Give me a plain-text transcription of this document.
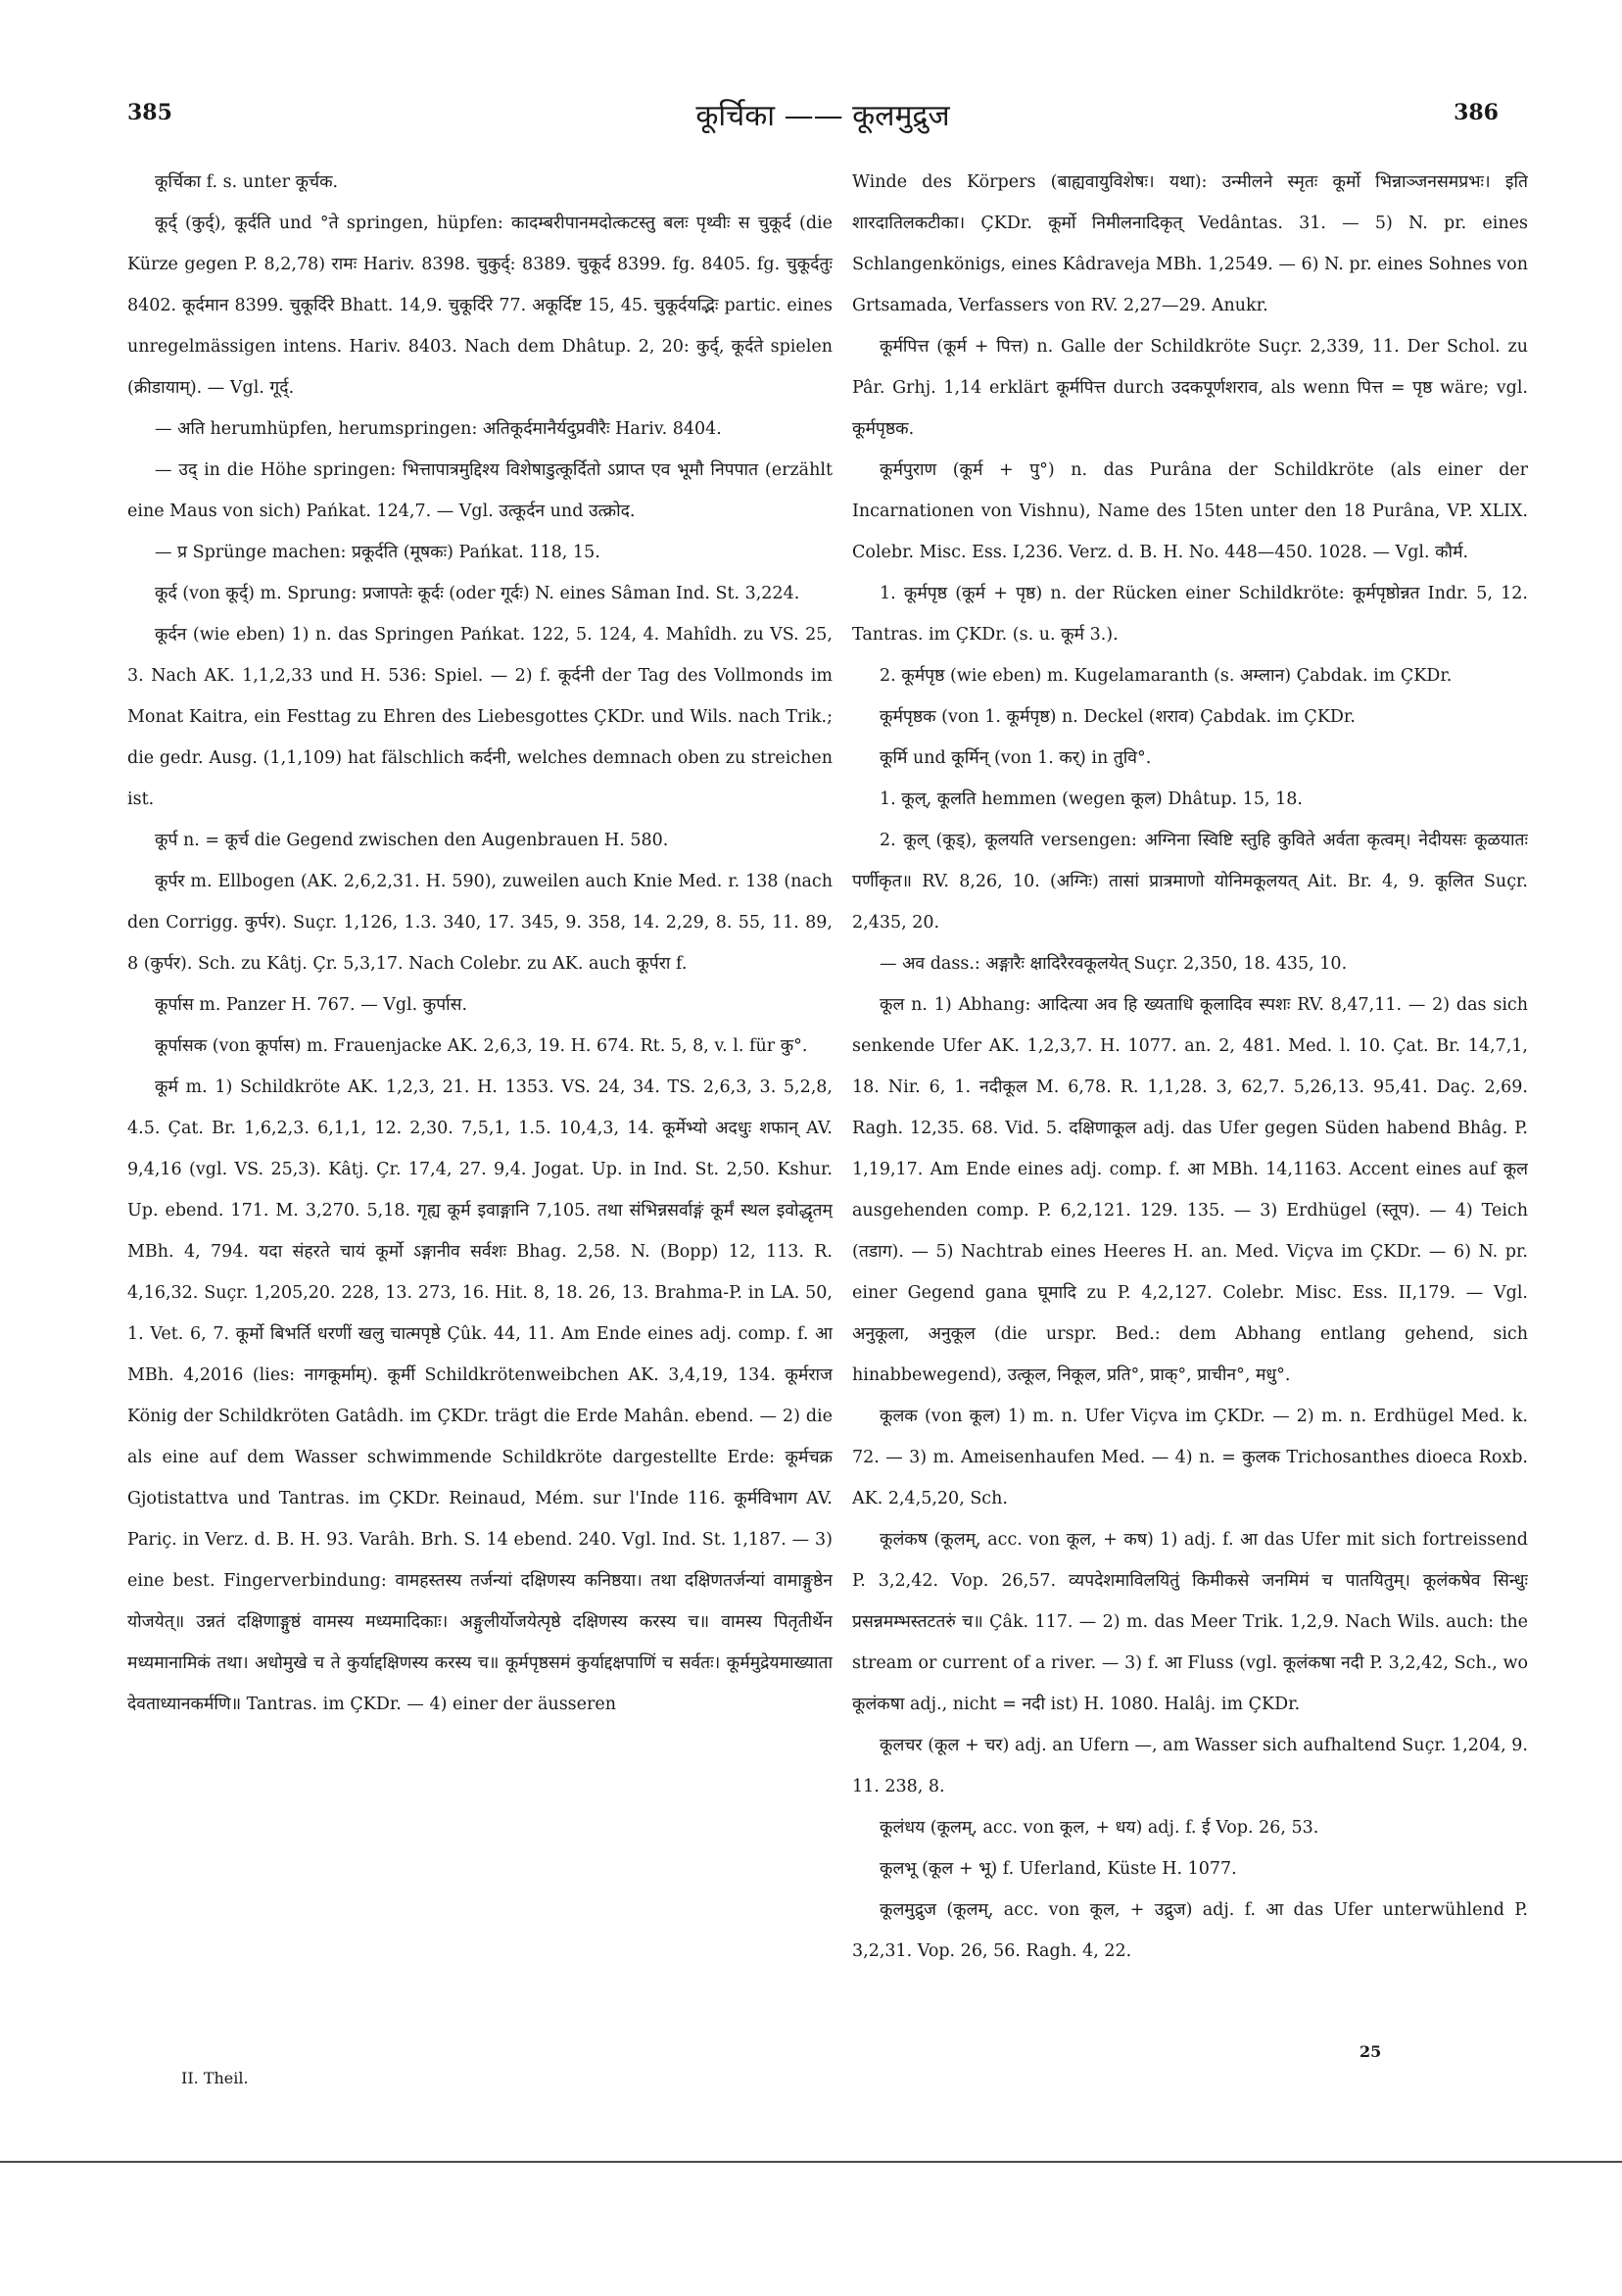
385	कूर्चिका —— कूलमुद्रुज	386

कूर्चिका f. s. unter कूर्चक.

कूर्द् (कुर्द्), कूर्दति und °ते springen, hüpfen: कादम्बरीपानमदोत्कटस्तु बलः पृथ्वीः स चुकूर्द (die Kürze gegen P. 8,2,78) रामः Hariv. 8398. चुकुर्द्: 8389. चुकूर्द 8399. fg. 8405. fg. चुकूर्दतुः 8402. कूर्दमान 8399. चुकूर्दिरे Bhatt. 14,9. चुकूर्दिरे 77. अकूर्दिष्ट 15, 45. चुकूर्दयद्भिः partic. eines unregelmässigen intens. Hariv. 8403. Nach dem Dhâtup. 2, 20: कुर्द्, कूर्दते spielen (क्रीडायाम्). — Vgl. गूर्द्.

— अति herumhüpfen, herumspringen: अतिकूर्दमानैर्यदुप्रवीरैः Hariv. 8404.

— उद् in die Höhe springen: भित्तापात्रमुद्दिश्य विशेषाडुत्कूर्दितो ऽप्राप्त एव भूमौ निपपात (erzählt eine Maus von sich) Pańkat. 124,7. — Vgl. उत्कूर्दन und उत्क्रोद.

— प्र Sprünge machen: प्रकूर्दति (मूषकः) Pańkat. 118, 15.

कूर्द (von कूर्द्) m. Sprung: प्रजापतेः कूर्दः (oder गूर्दः) N. eines Sâman Ind. St. 3,224.

कूर्दन (wie eben) 1) n. das Springen Pańkat. 122, 5. 124, 4. Mahîdh. zu VS. 25, 3. Nach AK. 1,1,2,33 und H. 536: Spiel. — 2) f. कूर्दनी der Tag des Vollmonds im Monat Kaitra, ein Festtag zu Ehren des Liebesgottes ÇKDr. und Wils. nach Trik.; die gedr. Ausg. (1,1,109) hat fälschlich कर्दनी, welches demnach oben zu streichen ist.

कूर्प n. = कूर्च die Gegend zwischen den Augenbrauen H. 580.

कूर्पर m. Ellbogen (AK. 2,6,2,31. H. 590), zuweilen auch Knie Med. r. 138 (nach den Corrigg. कुर्पर). Suçr. 1,126, 1.3. 340, 17. 345, 9. 358, 14. 2,29, 8. 55, 11. 89, 8 (कुर्पर). Sch. zu Kâtj. Çr. 5,3,17. Nach Colebr. zu AK. auch कूर्परा f.

कूर्पास m. Panzer H. 767. — Vgl. कुर्पास.

कूर्पासक (von कूर्पास) m. Frauenjacke AK. 2,6,3, 19. H. 674. Rt. 5, 8, v. l. für कु°.

कूर्म m. 1) Schildkröte AK. 1,2,3, 21. H. 1353. VS. 24, 34. TS. 2,6,3, 3. 5,2,8, 4.5. Çat. Br. 1,6,2,3. 6,1,1, 12. 2,30. 7,5,1, 1.5. 10,4,3, 14. कूर्मेभ्यो अदधुः शफान् AV. 9,4,16 (vgl. VS. 25,3). Kâtj. Çr. 17,4, 27. 9,4. Jogat. Up. in Ind. St. 2,50. Kshur. Up. ebend. 171. M. 3,270. 5,18. गृह्य कूर्म इवाङ्गानि 7,105. तथा संभिन्नसर्वाङ्गं कूर्मं स्थल इवोद्धृतम् MBh. 4, 794. यदा संहरते चायं कूर्मो ऽङ्गानीव सर्वशः Bhag. 2,58. N. (Bopp) 12, 113. R. 4,16,32. Suçr. 1,205,20. 228, 13. 273, 16. Hit. 8, 18. 26, 13. Brahma-P. in LA. 50, 1. Vet. 6, 7. कूर्मो बिभर्ति धरणीं खलु चात्मपृष्ठे Çûk. 44, 11. Am Ende eines adj. comp. f. आ MBh. 4,2016 (lies: नागकूर्माम्). कूर्मी Schildkrötenweibchen AK. 3,4,19, 134. कूर्मराज König der Schildkröten Gatâdh. im ÇKDr. trägt die Erde Mahân. ebend. — 2) die als eine auf dem Wasser schwimmende Schildkröte dargestellte Erde: कूर्मचक्र Gjotistattva und Tantras. im ÇKDr. Reinaud, Mém. sur l'Inde 116. कूर्मविभाग AV. Pariç. in Verz. d. B. H. 93. Varâh. Brh. S. 14 ebend. 240. Vgl. Ind. St. 1,187. — 3) eine best. Fingerverbindung: वामहस्तस्य तर्जन्यां दक्षिणस्य कनिष्ठया। तथा दक्षिणतर्जन्यां वामाङ्गुष्ठेन योजयेत्॥ उन्नतं दक्षिणाङ्गुष्ठं वामस्य मध्यमादिकाः। अङ्गुलीर्योजयेत्पृष्ठे दक्षिणस्य करस्य च॥ वामस्य पितृतीर्थेन मध्यमानामिकं तथा। अधोमुखे च ते कुर्याद्दक्षिणस्य करस्य च॥ कूर्मपृष्ठसमं कुर्याद्दक्षपाणिं च सर्वतः। कूर्ममुद्रेयमाख्याता देवताध्यानकर्मणि॥ Tantras. im ÇKDr. — 4) einer der äusseren

Winde des Körpers (बाह्यवायुविशेषः। यथा): उन्मीलने स्मृतः कूर्मो भिन्नाञ्जनसमप्रभः। इति शारदातिलकटीका। ÇKDr. कूर्मो निमीलनादिकृत् Vedântas. 31. — 5) N. pr. eines Schlangenkönigs, eines Kâdraveja MBh. 1,2549. — 6) N. pr. eines Sohnes von Grtsamada, Verfassers von RV. 2,27—29. Anukr.

कूर्मपित्त (कूर्म + पित्त) n. Galle der Schildkröte Suçr. 2,339, 11. Der Schol. zu Pâr. Grhj. 1,14 erklärt कूर्मपित्त durch उदकपूर्णशराव, als wenn पित्त = पृष्ठ wäre; vgl. कूर्मपृष्ठक.

कूर्मपुराण (कूर्म + पु°) n. das Purâna der Schildkröte (als einer der Incarnationen von Vishnu), Name des 15ten unter den 18 Purâna, VP. XLIX. Colebr. Misc. Ess. I,236. Verz. d. B. H. No. 448—450. 1028. — Vgl. कौर्म.

1. कूर्मपृष्ठ (कूर्म + पृष्ठ) n. der Rücken einer Schildkröte: कूर्मपृष्ठोन्नत Indr. 5, 12. Tantras. im ÇKDr. (s. u. कूर्म 3.).

2. कूर्मपृष्ठ (wie eben) m. Kugelamaranth (s. अम्लान) Çabdak. im ÇKDr.

कूर्मपृष्ठक (von 1. कूर्मपृष्ठ) n. Deckel (शराव) Çabdak. im ÇKDr.

कूर्मि und कूर्मिन् (von 1. कर्) in तुवि°.

1. कूल्, कूलति hemmen (wegen कूल) Dhâtup. 15, 18.

2. कूल् (कूड्), कूलयति versengen: अग्निना स्विष्टि स्तुहि कुविते अर्वता कृत्वम्। नेदीयसः कूळयातः पर्णीकृत॥ RV. 8,26, 10. (अग्निः) तासां प्रात्रमाणो योनिमकूलयत् Ait. Br. 4, 9. कूलित Suçr. 2,435, 20.

— अव dass.: अङ्गारैः क्षादिरैरवकूलयेत् Suçr. 2,350, 18. 435, 10.

कूल n. 1) Abhang: आदित्या अव हि ख्यताधि कूलादिव स्पशः RV. 8,47,11. — 2) das sich senkende Ufer AK. 1,2,3,7. H. 1077. an. 2, 481. Med. l. 10. Çat. Br. 14,7,1, 18. Nir. 6, 1. नदीकूल M. 6,78. R. 1,1,28. 3, 62,7. 5,26,13. 95,41. Daç. 2,69. Ragh. 12,35. 68. Vid. 5. दक्षिणाकूल adj. das Ufer gegen Süden habend Bhâg. P. 1,19,17. Am Ende eines adj. comp. f. आ MBh. 14,1163. Accent eines auf कूल ausgehenden comp. P. 6,2,121. 129. 135. — 3) Erdhügel (स्तूप). — 4) Teich (तडाग). — 5) Nachtrab eines Heeres H. an. Med. Viçva im ÇKDr. — 6) N. pr. einer Gegend gana घूमादि zu P. 4,2,127. Colebr. Misc. Ess. II,179. — Vgl. अनुकूला, अनुकूल (die urspr. Bed.: dem Abhang entlang gehend, sich hinabbewegend), उत्कूल, निकूल, प्रति°, प्राक्°, प्राचीन°, मधु°.

कूलक (von कूल) 1) m. n. Ufer Viçva im ÇKDr. — 2) m. n. Erdhügel Med. k. 72. — 3) m. Ameisenhaufen Med. — 4) n. = कुलक Trichosanthes dioeca Roxb. AK. 2,4,5,20, Sch.

कूलंकष (कूलम्, acc. von कूल, + कष) 1) adj. f. आ das Ufer mit sich fortreissend P. 3,2,42. Vop. 26,57. व्यपदेशमाविलयितुं किमीकसे जनमिमं च पातयितुम्। कूलंकषेव सिन्धुः प्रसन्नमम्भस्तटतरुं च॥ Çâk. 117. — 2) m. das Meer Trik. 1,2,9. Nach Wils. auch: the stream or current of a river. — 3) f. आ Fluss (vgl. कूलंकषा नदी P. 3,2,42, Sch., wo कूलंकषा adj., nicht = नदी ist) H. 1080. Halâj. im ÇKDr.

कूलचर (कूल + चर) adj. an Ufern —, am Wasser sich aufhaltend Suçr. 1,204, 9. 11. 238, 8.

कूलंधय (कूलम्, acc. von कूल, + धय) adj. f. ई Vop. 26, 53.

कूलभू (कूल + भू) f. Uferland, Küste H. 1077.

कूलमुद्रुज (कूलम्, acc. von कूल, + उद्रुज) adj. f. आ das Ufer unterwühlend P. 3,2,31. Vop. 26, 56. Ragh. 4, 22.

II. Theil.
25
